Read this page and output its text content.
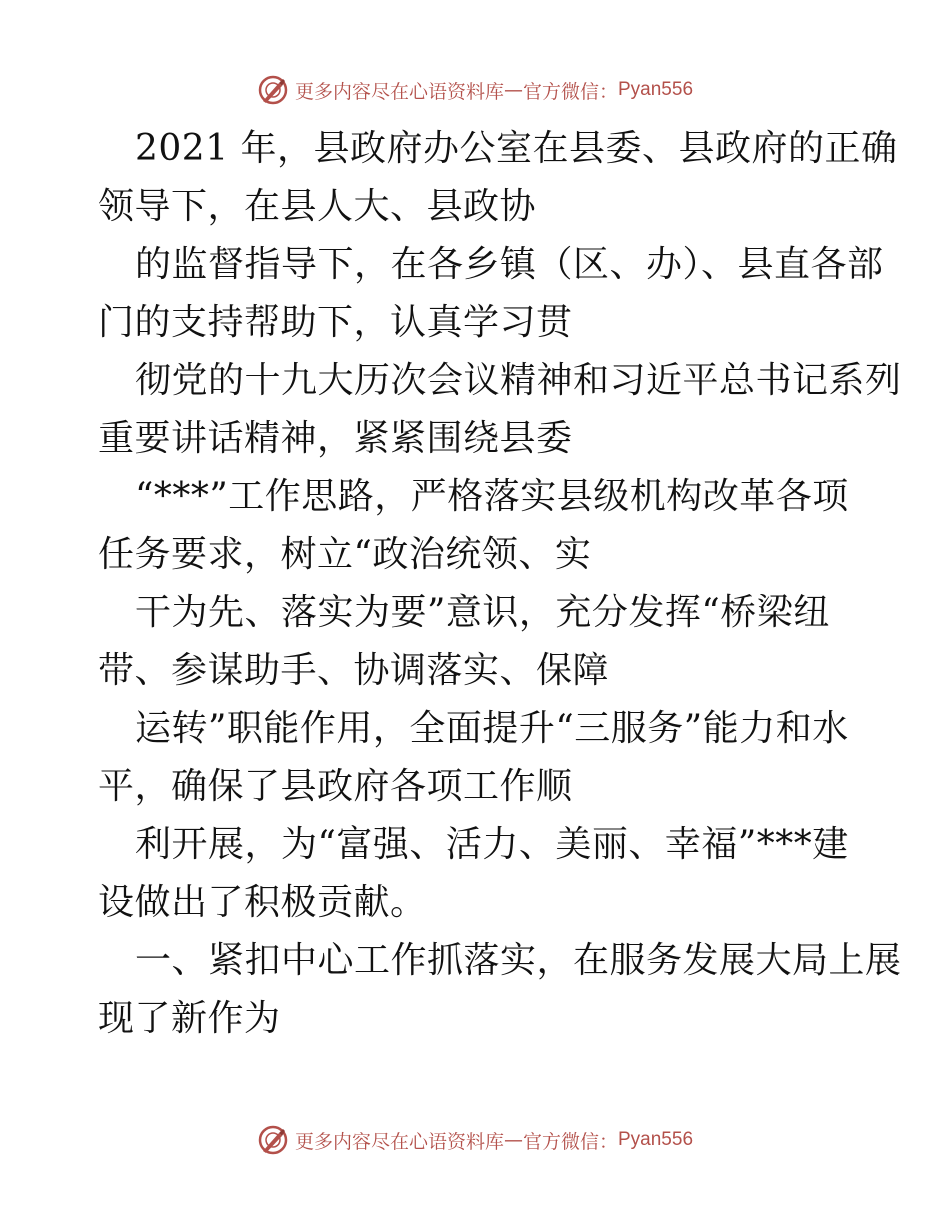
更多内容尽在心语资料库 — 官方微信： Pyan556
2021 年，县政府办公室在县委、县政府的正确
领导下，在县人大、县政协
的监督指导下，在各乡镇（区、办）、县直各部
门的支持帮助下，认真学习贯
彻党的十九大历次会议精神和习近平总书记系列
重要讲话精神，紧紧围绕县委
“***”工作思路，严格落实县级机构改革各项
任务要求，树立“政治统领、实
干为先、落实为要”意识，充分发挥“桥梁纽
带、参谋助手、协调落实、保障
运转”职能作用，全面提升“三服务”能力和水
平，确保了县政府各项工作顺
利开展，为“富强、活力、美丽、幸福”***建
设做出了积极贡献。
一、紧扣中心工作抓落实，在服务发展大局上展
现了新作为
更多内容尽在心语资料库 — 官方微信： Pyan556
